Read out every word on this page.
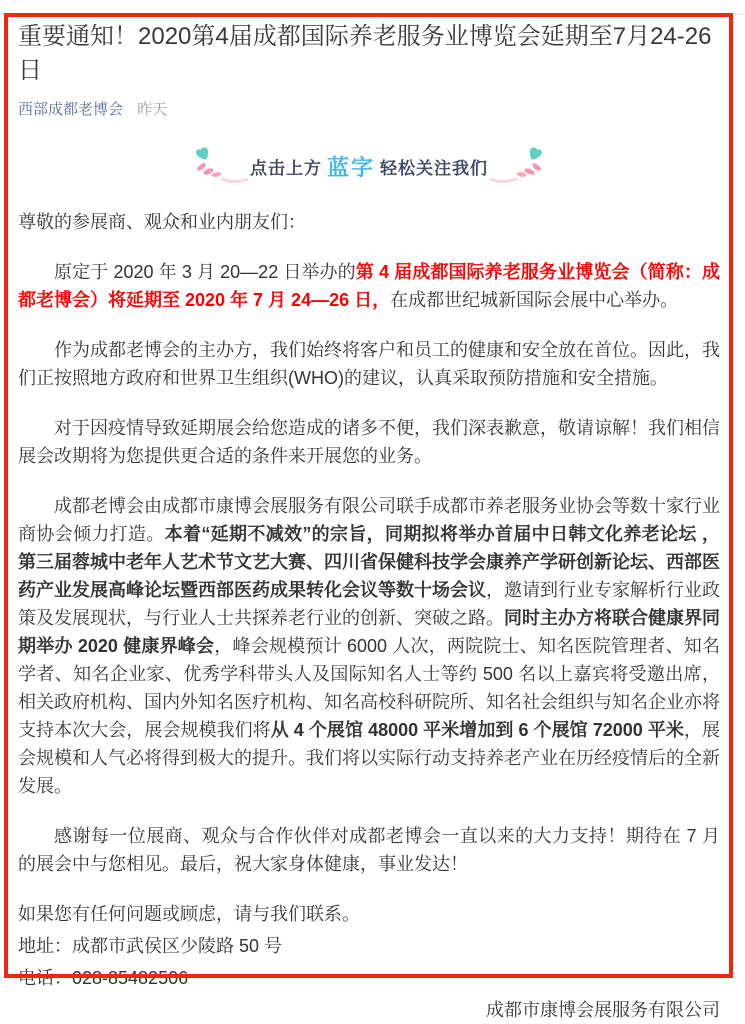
重要通知！2020第4届成都国际养老服务业博览会延期至7月24-26日
西部成都老博会 昨天
点击上方 蓝字 轻松关注我们

尊敬的参展商、观众和业内朋友们：

原定于 2020 年 3 月 20—22 日举办的第 4 届成都国际养老服务业博览会（简称：成都老博会）将延期至 2020 年 7 月 24—26 日，在成都世纪城新国际会展中心举办。

作为成都老博会的主办方，我们始终将客户和员工的健康和安全放在首位。因此，我们正按照地方政府和世界卫生组织(WHO)的建议，认真采取预防措施和安全措施。

对于因疫情导致延期展会给您造成的诸多不便，我们深表歉意，敬请谅解！我们相信展会改期将为您提供更合适的条件来开展您的业务。

成都老博会由成都市康博会展服务有限公司联手成都市养老服务业协会等数十家行业商协会倾力打造。本着“延期不减效”的宗旨，同期拟将举办首届中日韩文化养老论坛 ，第三届蓉城中老年人艺术节文艺大赛、四川省保健科技学会康养产学研创新论坛、西部医药产业发展高峰论坛暨西部医药成果转化会议等数十场会议，邀请到行业专家解析行业政策及发展现状，与行业人士共探养老行业的创新、突破之路。同时主办方将联合健康界同期举办 2020 健康界峰会，峰会规模预计 6000 人次，两院院士、知名医院管理者、知名学者、知名企业家、优秀学科带头人及国际知名人士等约 500 名以上嘉宾将受邀出席，相关政府机构、国内外知名医疗机构、知名高校科研院所、知名社会组织与知名企业亦将支持本次大会，展会规模我们将从 4 个展馆 48000 平米增加到 6 个展馆 72000 平米，展会规模和人气必将得到极大的提升。我们将以实际行动支持养老产业在历经疫情后的全新发展。

感谢每一位展商、观众与合作伙伴对成都老博会一直以来的大力支持！期待在 7 月的展会中与您相见。最后，祝大家身体健康，事业发达！

如果您有任何问题或顾虑，请与我们联系。

地址：成都市武侯区少陵路 50 号

电话：028-85482506

成都市康博会展服务有限公司
